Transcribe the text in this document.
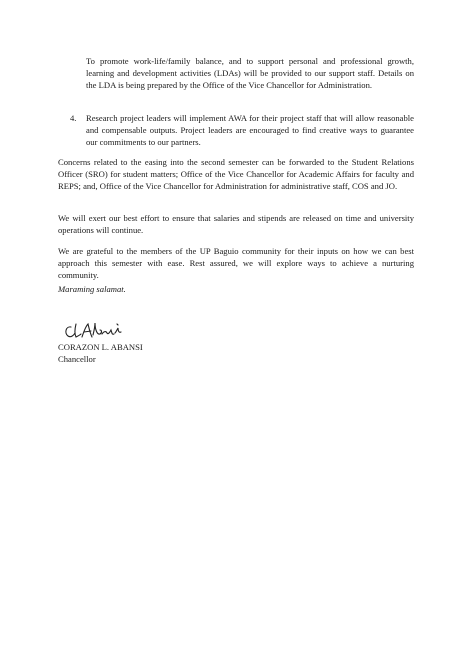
To promote work-life/family balance, and to support personal and professional growth, learning and development activities (LDAs) will be provided to our support staff. Details on the LDA is being prepared by the Office of the Vice Chancellor for Administration.

4. Research project leaders will implement AWA for their project staff that will allow reasonable and compensable outputs. Project leaders are encouraged to find creative ways to guarantee our commitments to our partners.

Concerns related to the easing into the second semester can be forwarded to the Student Relations Officer (SRO) for student matters; Office of the Vice Chancellor for Academic Affairs for faculty and REPS; and, Office of the Vice Chancellor for Administration for administrative staff, COS and JO.

We will exert our best effort to ensure that salaries and stipends are released on time and university operations will continue.

We are grateful to the members of the UP Baguio community for their inputs on how we can best approach this semester with ease. Rest assured, we will explore ways to achieve a nurturing community.

Maraming salamat.
CORAZON L. ABANSI
Chancellor
